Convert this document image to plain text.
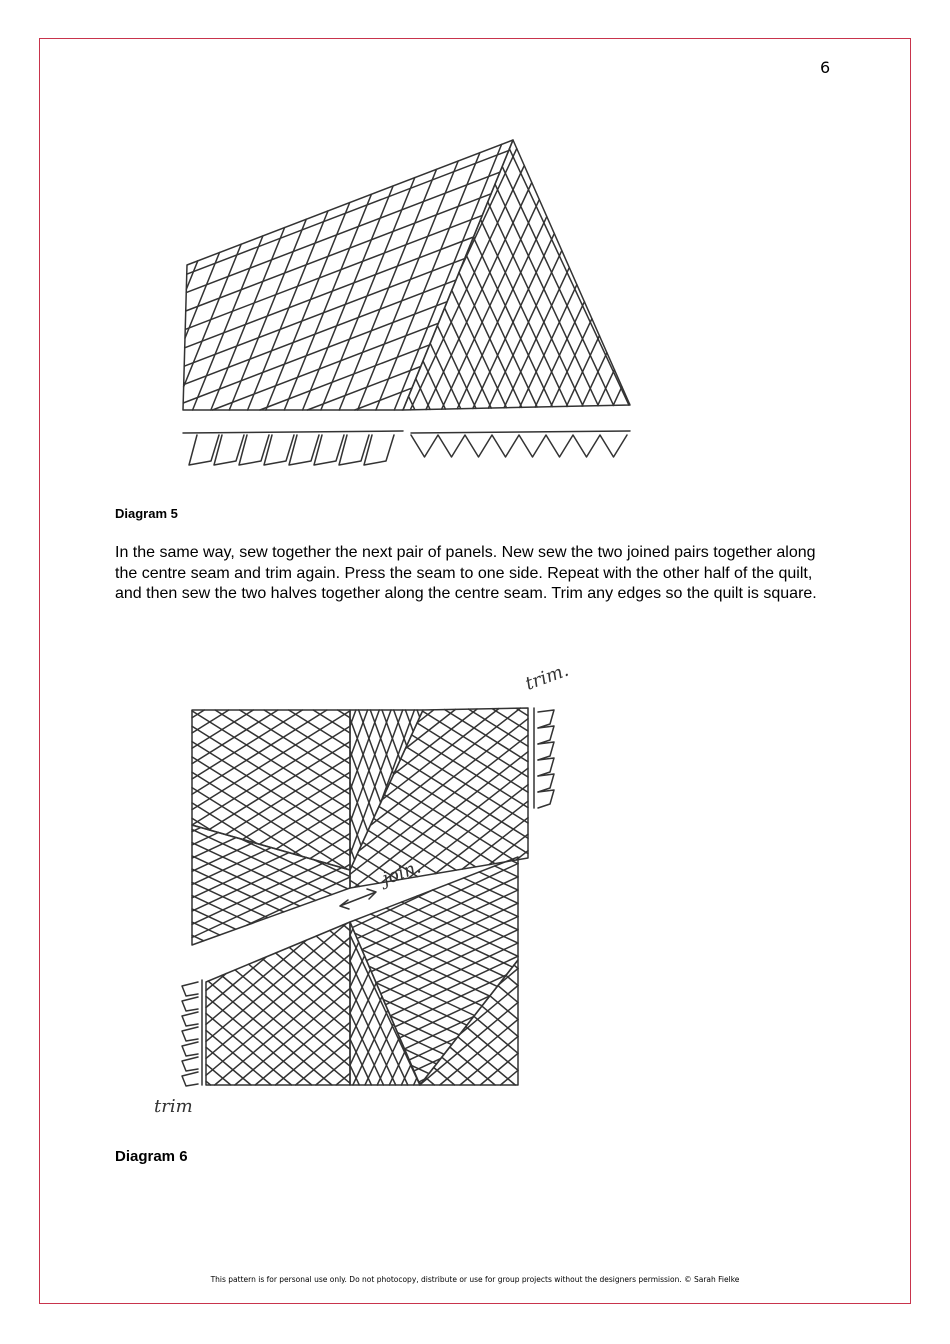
6
Diagram 5
In the same way, sew together the next pair of panels. New sew the two joined pairs together along the centre seam and trim again. Press the seam to one side. Repeat with the other half of the quilt, and then sew the two halves together along the centre seam. Trim any edges so the quilt is square.
trim.
trim
join.
Diagram 6
This pattern is for personal use only. Do not photocopy, distribute or use for group projects without the designers permission. © Sarah Fielke
